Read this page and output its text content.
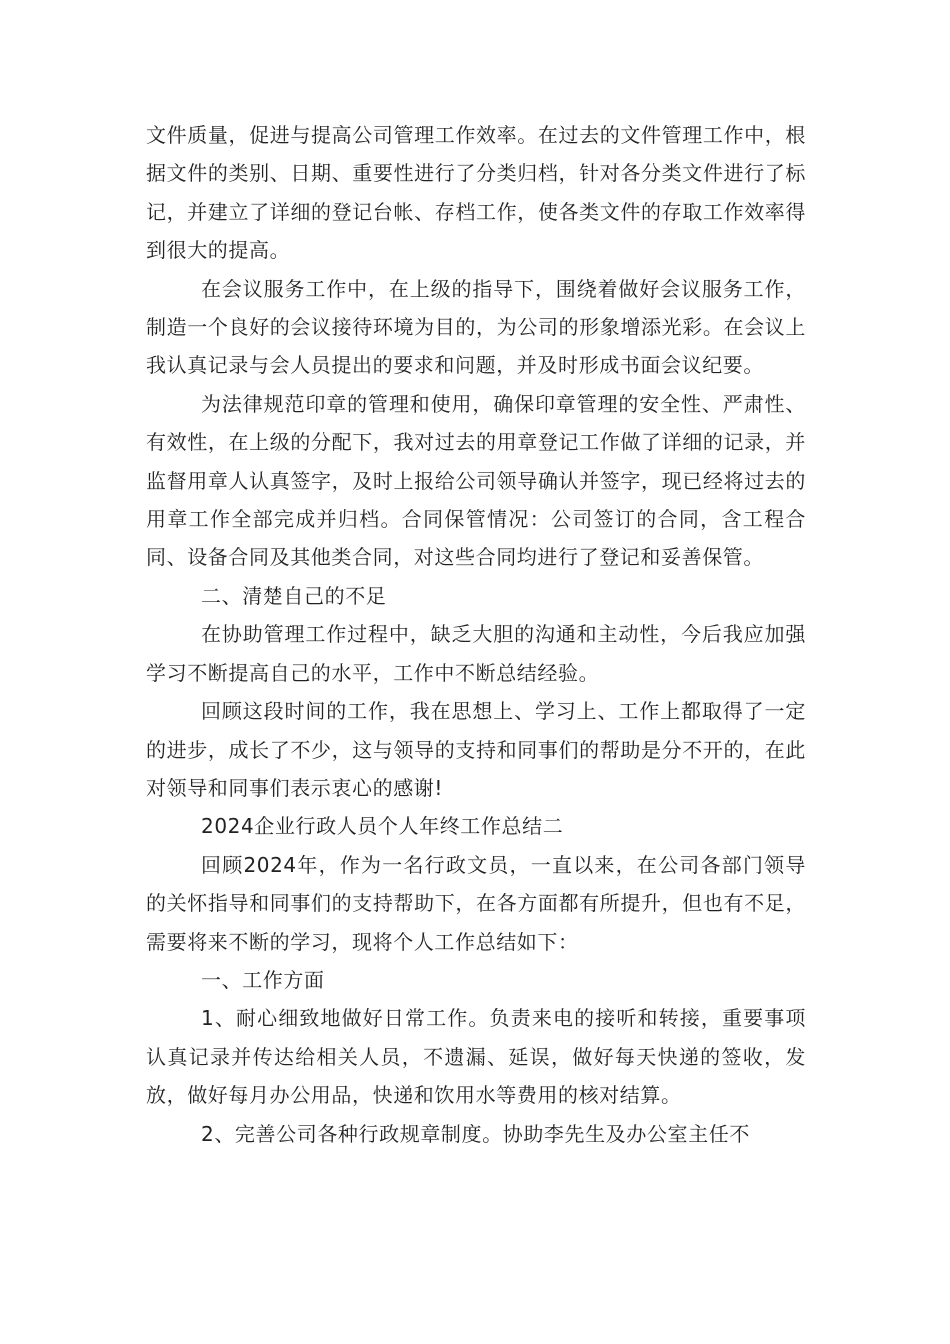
文件质量，促进与提高公司管理工作效率。在过去的文件管理工作中，根据文件的类别、日期、重要性进行了分类归档，针对各分类文件进行了标记，并建立了详细的登记台帐、存档工作，使各类文件的存取工作效率得到很大的提高。

在会议服务工作中，在上级的指导下，围绕着做好会议服务工作，制造一个良好的会议接待环境为目的，为公司的形象增添光彩。在会议上我认真记录与会人员提出的要求和问题，并及时形成书面会议纪要。

为法律规范印章的管理和使用，确保印章管理的安全性、严肃性、有效性，在上级的分配下，我对过去的用章登记工作做了详细的记录，并监督用章人认真签字，及时上报给公司领导确认并签字，现已经将过去的用章工作全部完成并归档。合同保管情况：公司签订的合同，含工程合同、设备合同及其他类合同，对这些合同均进行了登记和妥善保管。

二、清楚自己的不足

在协助管理工作过程中，缺乏大胆的沟通和主动性，今后我应加强学习不断提高自己的水平，工作中不断总结经验。

回顾这段时间的工作，我在思想上、学习上、工作上都取得了一定的进步，成长了不少，这与领导的支持和同事们的帮助是分不开的，在此对领导和同事们表示衷心的感谢!

2024企业行政人员个人年终工作总结二

回顾2024年，作为一名行政文员，一直以来，在公司各部门领导的关怀指导和同事们的支持帮助下，在各方面都有所提升，但也有不足，需要将来不断的学习，现将个人工作总结如下：

一、工作方面

1、耐心细致地做好日常工作。负责来电的接听和转接，重要事项认真记录并传达给相关人员，不遗漏、延误，做好每天快递的签收，发放，做好每月办公用品，快递和饮用水等费用的核对结算。

2、完善公司各种行政规章制度。协助李先生及办公室主任不
